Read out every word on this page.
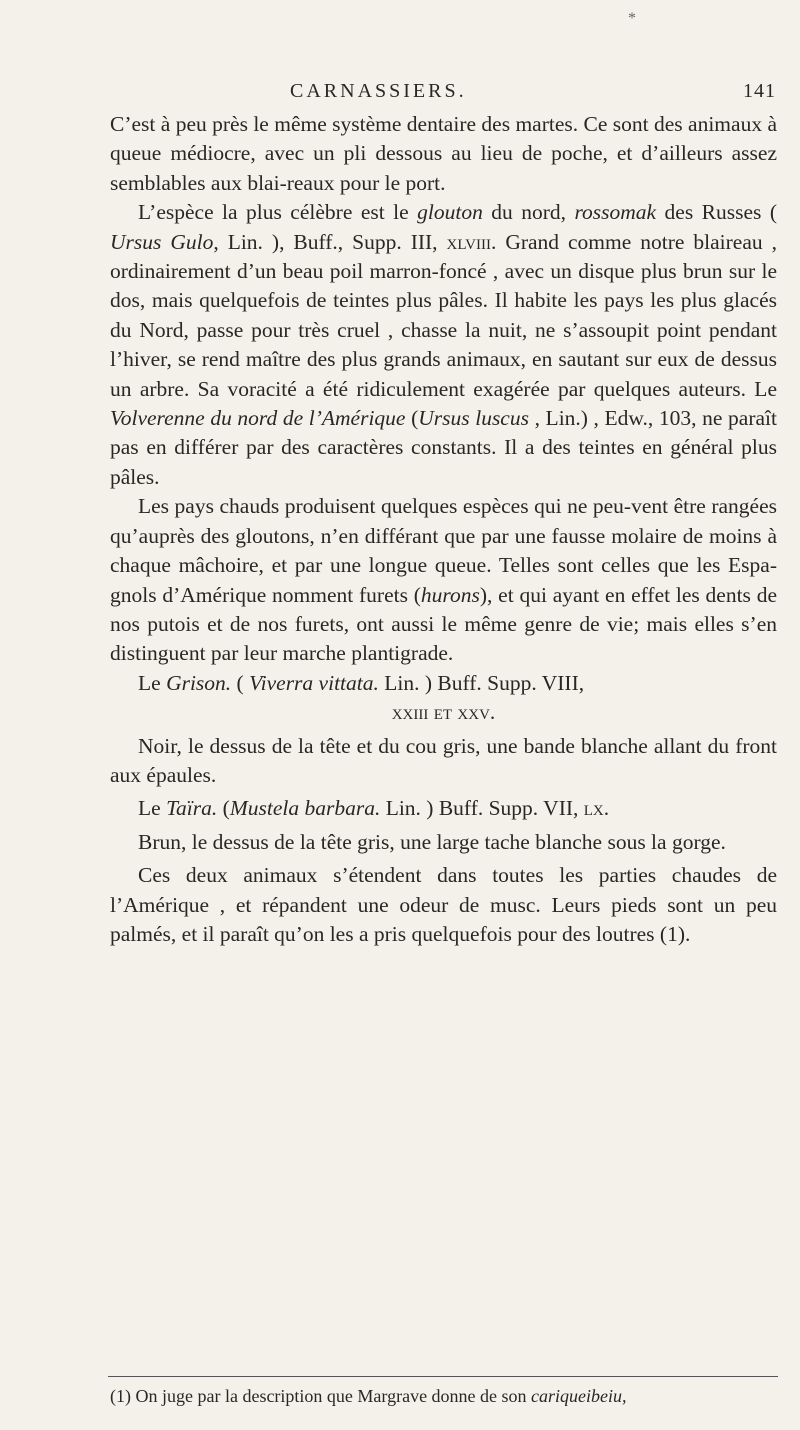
*
CARNASSIERS.	141

C’est à peu près le même système dentaire des martes. Ce sont des animaux à queue médiocre, avec un pli dessous au lieu de poche, et d’ailleurs assez semblables aux blai-reaux pour le port.

L’espèce la plus célèbre est le glouton du nord, rossomak des Russes ( Ursus Gulo, Lin. ), Buff., Supp. III, xlviii. Grand comme notre blaireau , ordinairement d’un beau poil marron-foncé , avec un disque plus brun sur le dos, mais quelquefois de teintes plus pâles. Il habite les pays les plus glacés du Nord, passe pour très cruel , chasse la nuit, ne s’assoupit point pendant l’hiver, se rend maître des plus grands animaux, en sautant sur eux de dessus un arbre. Sa voracité a été ridiculement exagérée par quelques auteurs. Le Volverenne du nord de l’Amérique (Ursus luscus , Lin.) , Edw., 103, ne paraît pas en différer par des caractères constants. Il a des teintes en général plus pâles.

Les pays chauds produisent quelques espèces qui ne peu-vent être rangées qu’auprès des gloutons, n’en différant que par une fausse molaire de moins à chaque mâchoire, et par une longue queue. Telles sont celles que les Espa-gnols d’Amérique nomment furets (hurons), et qui ayant en effet les dents de nos putois et de nos furets, ont aussi le même genre de vie; mais elles s’en distinguent par leur marche plantigrade.

Le Grison. ( Viverra vittata. Lin. ) Buff. Supp. VIII,

xxiii et xxv.

Noir, le dessus de la tête et du cou gris, une bande blanche allant du front aux épaules.

Le Taïra. (Mustela barbara. Lin. ) Buff. Supp. VII, lx.

Brun, le dessus de la tête gris, une large tache blanche sous la gorge.

Ces deux animaux s’étendent dans toutes les parties chaudes de l’Amérique , et répandent une odeur de musc. Leurs pieds sont un peu palmés, et il paraît qu’on les a pris quelquefois pour des loutres (1).

(1) On juge par la description que Margrave donne de son cariqueibeiu,
